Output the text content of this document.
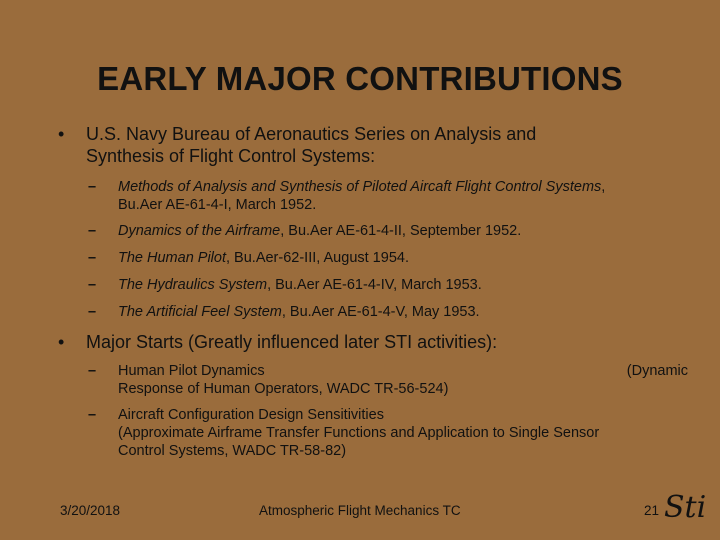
EARLY MAJOR CONTRIBUTIONS
• U.S. Navy Bureau of Aeronautics Series on Analysis and
Synthesis of Flight Control Systems:
– Methods of Analysis and Synthesis of Piloted Aircaft Flight Control Systems,
Bu.Aer AE-61-4-I, March 1952.
– Dynamics of the Airframe, Bu.Aer AE-61-4-II, September 1952.
– The Human Pilot, Bu.Aer-62-III, August 1954.
– The Hydraulics System, Bu.Aer AE-61-4-IV, March 1953.
– The Artificial Feel System, Bu.Aer AE-61-4-V, May 1953.
• Major Starts (Greatly influenced later STI activities):
– Human Pilot Dynamics	(Dynamic
Response of Human Operators, WADC TR-56-524)
– Aircraft Configuration Design Sensitivities
(Approximate Airframe Transfer Functions and Application to Single Sensor
Control Systems, WADC TR-58-82)
3/20/2018	Atmospheric Flight Mechanics TC	21 Sti
